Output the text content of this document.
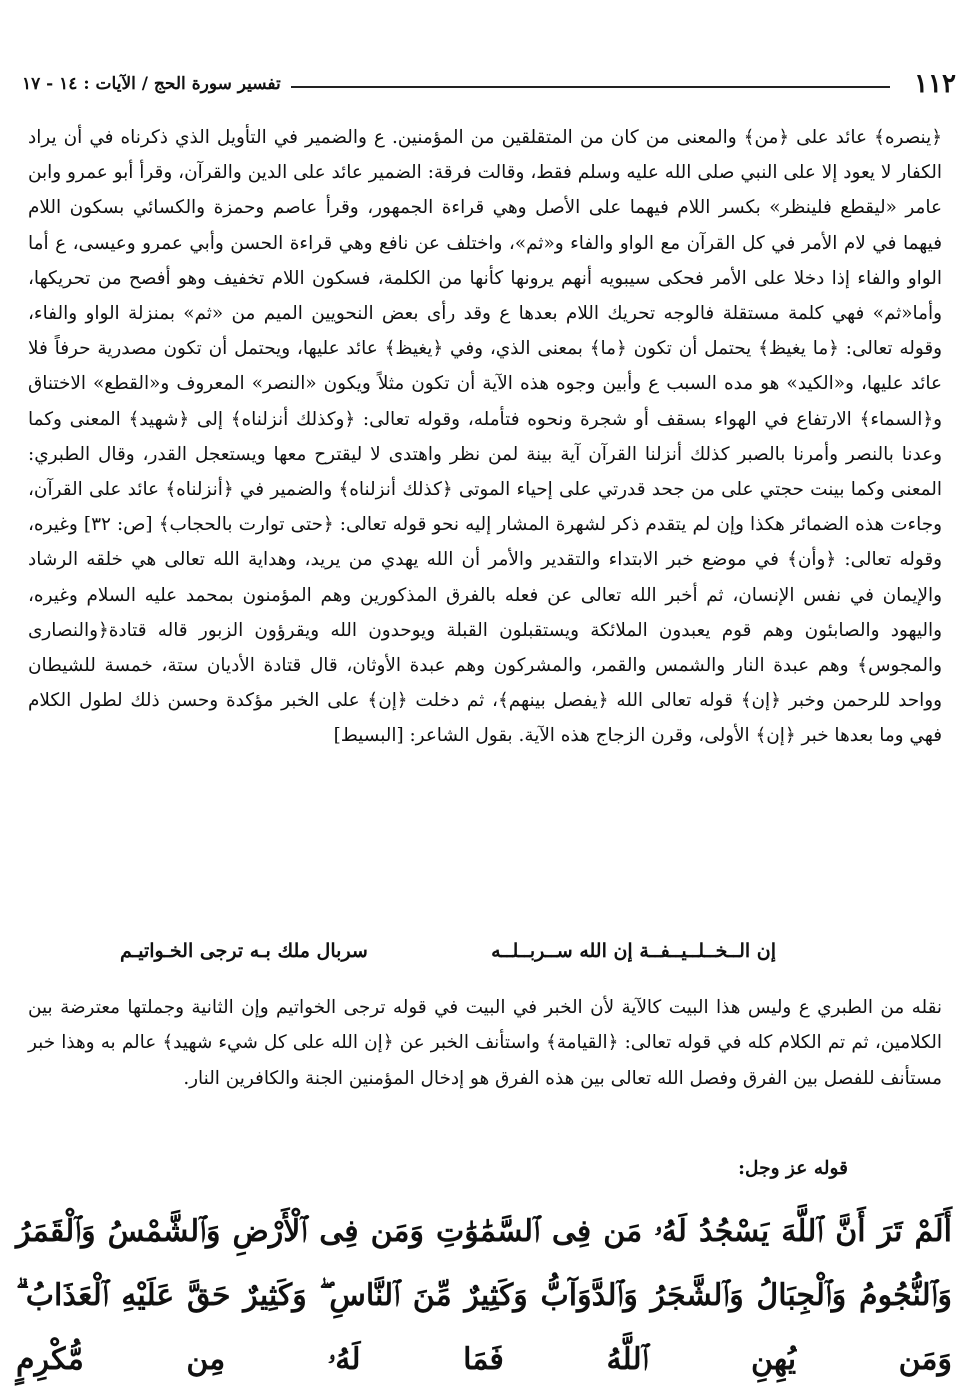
١١٢
تفسير سورة الحج / الآيات : ١٤ - ١٧

﴿ينصره﴾ عائد على ﴿من﴾ والمعنى من كان من المتقلقين من المؤمنين. ع والضمير في التأويل الذي ذكرناه في أن يراد الكفار لا يعود إلا على النبي صلى الله عليه وسلم فقط، وقالت فرقة: الضمير عائد على الدين والقرآن، وقرأ أبو عمرو وابن عامر «ليقطع فلينظر» بكسر اللام فيهما على الأصل وهي قراءة الجمهور، وقرأ عاصم وحمزة والكسائي بسكون اللام فيهما في لام الأمر في كل القرآن مع الواو والفاء و«ثم»، واختلف عن نافع وهي قراءة الحسن وأبي عمرو وعيسى، ع أما الواو والفاء إذا دخلا على الأمر فحكى سيبويه أنهم يرونها كأنها من الكلمة، فسكون اللام تخفيف وهو أفصح من تحريكها، وأما«ثم» فهي كلمة مستقلة فالوجه تحريك اللام بعدها ع وقد رأى بعض النحويين الميم من «ثم» بمنزلة الواو والفاء، وقوله تعالى: ﴿ما يغيظ﴾ يحتمل أن تكون ﴿ما﴾ بمعنى الذي، وفي ﴿يغيظ﴾ عائد عليها، ويحتمل أن تكون مصدرية حرفاً فلا عائد عليها، و«الكيد» هو مده السبب ع وأبين وجوه هذه الآية أن تكون مثلاً ويكون «النصر» المعروف و«القطع» الاختناق و﴿السماء﴾ الارتفاع في الهواء بسقف أو شجرة ونحوه فتأمله، وقوله تعالى: ﴿وكذلك أنزلناه﴾ إلى ﴿شهيد﴾ المعنى وكما وعدنا بالنصر وأمرنا بالصبر كذلك أنزلنا القرآن آية بينة لمن نظر واهتدى لا ليقترح معها ويستعجل القدر، وقال الطبري: المعنى وكما بينت حجتي على من جحد قدرتي على إحياء الموتى ﴿كذلك أنزلناه﴾ والضمير في ﴿أنزلناه﴾ عائد على القرآن، وجاءت هذه الضمائر هكذا وإن لم يتقدم ذكر لشهرة المشار إليه نحو قوله تعالى: ﴿حتى توارت بالحجاب﴾ [ص: ٣٢] وغيره، وقوله تعالى: ﴿وأن﴾ في موضع خبر الابتداء والتقدير والأمر أن الله يهدي من يريد، وهداية الله تعالى هي خلقه الرشاد والإيمان في نفس الإنسان، ثم أخبر الله تعالى عن فعله بالفرق المذكورين وهم المؤمنون بمحمد عليه السلام وغيره، واليهود والصابئون وهم قوم يعبدون الملائكة ويستقبلون القبلة ويوحدون الله ويقرؤون الزبور قاله قتادة﴿والنصارى والمجوس﴾ وهم عبدة النار والشمس والقمر، والمشركون وهم عبدة الأوثان، قال قتادة الأديان ستة، خمسة للشيطان وواحد للرحمن وخبر ﴿إن﴾ قوله تعالى الله ﴿يفصل بينهم﴾، ثم دخلت ﴿إن﴾ على الخبر مؤكدة وحسن ذلك لطول الكلام فهي وما بعدها خبر ﴿إن﴾ الأولى، وقرن الزجاج هذه الآية. بقول الشاعر: [البسيط]

إن الــخــلــيــفــة إن الله ســربــلــه
سربال ملك بـه ترجى الخـواتيـم

نقله من الطبري ع وليس هذا البيت كالآية لأن الخبر في البيت في قوله ترجى الخواتيم وإن الثانية وجملتها معترضة بين الكلامين، ثم تم الكلام كله في قوله تعالى: ﴿القيامة﴾ واستأنف الخبر عن ﴿إن الله على كل شيء شهيد﴾ عالم به وهذا خبر مستأنف للفصل بين الفرق وفصل الله تعالى بين هذه الفرق هو إدخال المؤمنين الجنة والكافرين النار.

قوله عز وجل:
أَلَمْ تَرَ أَنَّ ٱللَّهَ يَسْجُدُ لَهُۥ مَن فِى ٱلسَّمَٰوَٰتِ وَمَن فِى ٱلْأَرْضِ وَٱلشَّمْسُ وَٱلْقَمَرُ وَٱلنُّجُومُ وَٱلْجِبَالُ وَٱلشَّجَرُ وَٱلدَّوَآبُّ وَكَثِيرٌ مِّنَ ٱلنَّاسِ ۖ وَكَثِيرٌ حَقَّ عَلَيْهِ ٱلْعَذَابُ ۗ وَمَن يُهِنِ ٱللَّهُ فَمَا لَهُۥ مِن مُّكْرِمٍ
